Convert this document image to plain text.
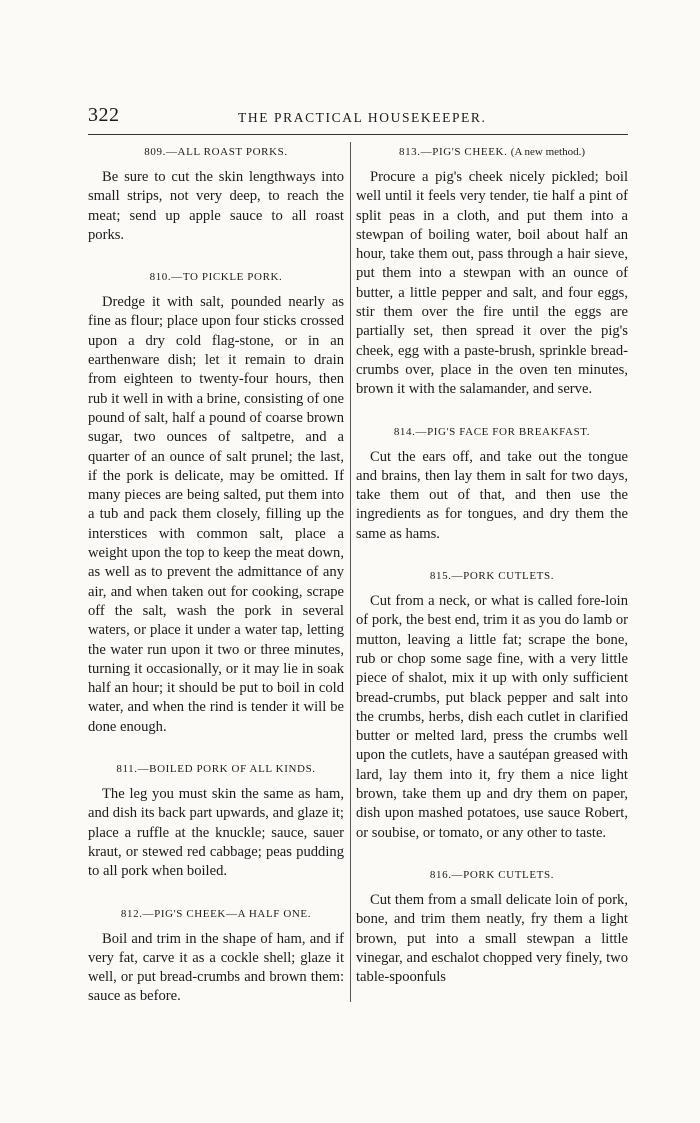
322	THE PRACTICAL HOUSEKEEPER.
809.—ALL ROAST PORKS.

Be sure to cut the skin lengthways into small strips, not very deep, to reach the meat; send up apple sauce to all roast porks.

810.—TO PICKLE PORK.

Dredge it with salt, pounded nearly as fine as flour; place upon four sticks crossed upon a dry cold flag-stone, or in an earthenware dish; let it remain to drain from eighteen to twenty-four hours, then rub it well in with a brine, consisting of one pound of salt, half a pound of coarse brown sugar, two ounces of saltpetre, and a quarter of an ounce of salt prunel; the last, if the pork is delicate, may be omitted. If many pieces are being salted, put them into a tub and pack them closely, filling up the interstices with common salt, place a weight upon the top to keep the meat down, as well as to prevent the admittance of any air, and when taken out for cooking, scrape off the salt, wash the pork in several waters, or place it under a water tap, letting the water run upon it two or three minutes, turning it occasionally, or it may lie in soak half an hour; it should be put to boil in cold water, and when the rind is tender it will be done enough.

811.—BOILED PORK OF ALL KINDS.

The leg you must skin the same as ham, and dish its back part upwards, and glaze it; place a ruffle at the knuckle; sauce, sauer kraut, or stewed red cabbage; peas pudding to all pork when boiled.

812.—PIG'S CHEEK—A HALF ONE.

Boil and trim in the shape of ham, and if very fat, carve it as a cockle shell; glaze it well, or put bread-crumbs and brown them: sauce as before.

813.—PIG'S CHEEK. (A new method.)

Procure a pig's cheek nicely pickled; boil well until it feels very tender, tie half a pint of split peas in a cloth, and put them into a stewpan of boiling water, boil about half an hour, take them out, pass through a hair sieve, put them into a stewpan with an ounce of butter, a little pepper and salt, and four eggs, stir them over the fire until the eggs are partially set, then spread it over the pig's cheek, egg with a paste-brush, sprinkle bread-crumbs over, place in the oven ten minutes, brown it with the salamander, and serve.

814.—PIG'S FACE FOR BREAKFAST.

Cut the ears off, and take out the tongue and brains, then lay them in salt for two days, take them out of that, and then use the ingredients as for tongues, and dry them the same as hams.

815.—PORK CUTLETS.

Cut from a neck, or what is called fore-loin of pork, the best end, trim it as you do lamb or mutton, leaving a little fat; scrape the bone, rub or chop some sage fine, with a very little piece of shalot, mix it up with only sufficient bread-crumbs, put black pepper and salt into the crumbs, herbs, dish each cutlet in clarified butter or melted lard, press the crumbs well upon the cutlets, have a sautépan greased with lard, lay them into it, fry them a nice light brown, take them up and dry them on paper, dish upon mashed potatoes, use sauce Robert, or soubise, or tomato, or any other to taste.

816.—PORK CUTLETS.

Cut them from a small delicate loin of pork, bone, and trim them neatly, fry them a light brown, put into a small stewpan a little vinegar, and eschalot chopped very finely, two table-spoonfuls
